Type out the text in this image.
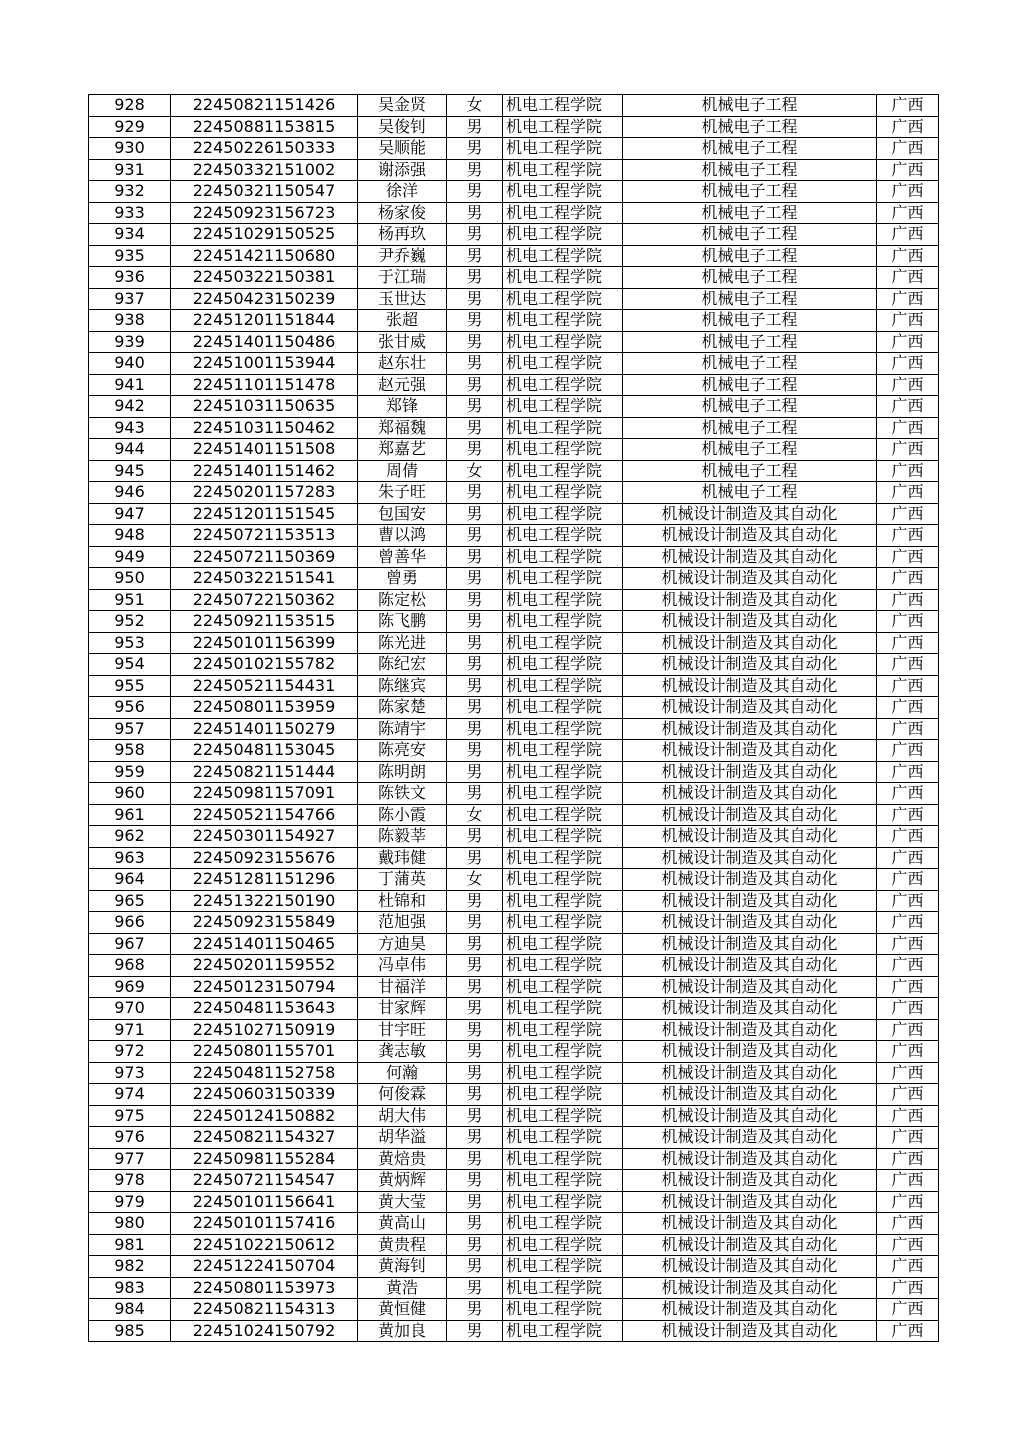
928	22450821151426	吴金贤	女	机电工程学院	机械电子工程	广西
929	22450881153815	吴俊钊	男	机电工程学院	机械电子工程	广西
930	22450226150333	吴顺能	男	机电工程学院	机械电子工程	广西
931	22450332151002	谢添强	男	机电工程学院	机械电子工程	广西
932	22450321150547	徐洋	男	机电工程学院	机械电子工程	广西
933	22450923156723	杨家俊	男	机电工程学院	机械电子工程	广西
934	22451029150525	杨再玖	男	机电工程学院	机械电子工程	广西
935	22451421150680	尹乔巍	男	机电工程学院	机械电子工程	广西
936	22450322150381	于江瑞	男	机电工程学院	机械电子工程	广西
937	22450423150239	玉世达	男	机电工程学院	机械电子工程	广西
938	22451201151844	张超	男	机电工程学院	机械电子工程	广西
939	22451401150486	张甘威	男	机电工程学院	机械电子工程	广西
940	22451001153944	赵东壮	男	机电工程学院	机械电子工程	广西
941	22451101151478	赵元强	男	机电工程学院	机械电子工程	广西
942	22451031150635	郑锋	男	机电工程学院	机械电子工程	广西
943	22451031150462	郑福魏	男	机电工程学院	机械电子工程	广西
944	22451401151508	郑嘉艺	男	机电工程学院	机械电子工程	广西
945	22451401151462	周倩	女	机电工程学院	机械电子工程	广西
946	22450201157283	朱子旺	男	机电工程学院	机械电子工程	广西
947	22451201151545	包国安	男	机电工程学院	机械设计制造及其自动化	广西
948	22450721153513	曹以鸿	男	机电工程学院	机械设计制造及其自动化	广西
949	22450721150369	曾善华	男	机电工程学院	机械设计制造及其自动化	广西
950	22450322151541	曾勇	男	机电工程学院	机械设计制造及其自动化	广西
951	22450722150362	陈定松	男	机电工程学院	机械设计制造及其自动化	广西
952	22450921153515	陈飞鹏	男	机电工程学院	机械设计制造及其自动化	广西
953	22450101156399	陈光进	男	机电工程学院	机械设计制造及其自动化	广西
954	22450102155782	陈纪宏	男	机电工程学院	机械设计制造及其自动化	广西
955	22450521154431	陈继宾	男	机电工程学院	机械设计制造及其自动化	广西
956	22450801153959	陈家楚	男	机电工程学院	机械设计制造及其自动化	广西
957	22451401150279	陈靖宇	男	机电工程学院	机械设计制造及其自动化	广西
958	22450481153045	陈亮安	男	机电工程学院	机械设计制造及其自动化	广西
959	22450821151444	陈明朗	男	机电工程学院	机械设计制造及其自动化	广西
960	22450981157091	陈铁文	男	机电工程学院	机械设计制造及其自动化	广西
961	22450521154766	陈小霞	女	机电工程学院	机械设计制造及其自动化	广西
962	22450301154927	陈毅莘	男	机电工程学院	机械设计制造及其自动化	广西
963	22450923155676	戴玮健	男	机电工程学院	机械设计制造及其自动化	广西
964	22451281151296	丁蒲英	女	机电工程学院	机械设计制造及其自动化	广西
965	22451322150190	杜锦和	男	机电工程学院	机械设计制造及其自动化	广西
966	22450923155849	范旭强	男	机电工程学院	机械设计制造及其自动化	广西
967	22451401150465	方迪昊	男	机电工程学院	机械设计制造及其自动化	广西
968	22450201159552	冯卓伟	男	机电工程学院	机械设计制造及其自动化	广西
969	22450123150794	甘福洋	男	机电工程学院	机械设计制造及其自动化	广西
970	22450481153643	甘家辉	男	机电工程学院	机械设计制造及其自动化	广西
971	22451027150919	甘宇旺	男	机电工程学院	机械设计制造及其自动化	广西
972	22450801155701	龚志敏	男	机电工程学院	机械设计制造及其自动化	广西
973	22450481152758	何瀚	男	机电工程学院	机械设计制造及其自动化	广西
974	22450603150339	何俊霖	男	机电工程学院	机械设计制造及其自动化	广西
975	22450124150882	胡大伟	男	机电工程学院	机械设计制造及其自动化	广西
976	22450821154327	胡华溢	男	机电工程学院	机械设计制造及其自动化	广西
977	22450981155284	黄焙贵	男	机电工程学院	机械设计制造及其自动化	广西
978	22450721154547	黄炳辉	男	机电工程学院	机械设计制造及其自动化	广西
979	22450101156641	黄大莹	男	机电工程学院	机械设计制造及其自动化	广西
980	22450101157416	黄高山	男	机电工程学院	机械设计制造及其自动化	广西
981	22451022150612	黄贵程	男	机电工程学院	机械设计制造及其自动化	广西
982	22451224150704	黄海钊	男	机电工程学院	机械设计制造及其自动化	广西
983	22450801153973	黄浩	男	机电工程学院	机械设计制造及其自动化	广西
984	22450821154313	黄恒健	男	机电工程学院	机械设计制造及其自动化	广西
985	22451024150792	黄加良	男	机电工程学院	机械设计制造及其自动化	广西
